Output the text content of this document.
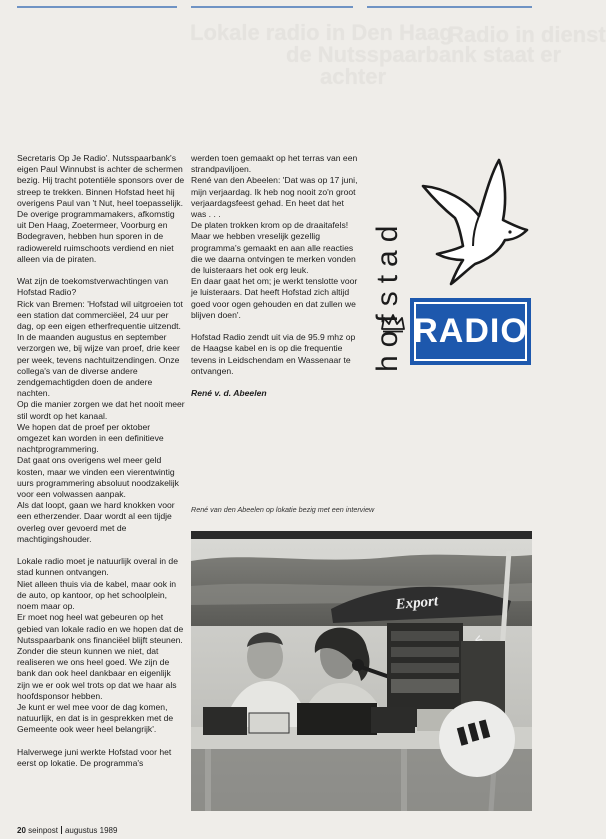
Lokale radio in Den Haag
de Nutsspaarbank staat er
achter
Radio in dienst

Secretaris Op Je Radio'. Nutsspaarbank's eigen Paul Winnubst is achter de schermen bezig. Hij tracht potentiële sponsors over de streep te trekken. Binnen Hofstad heet hij overigens Paul van 't Nut, heel toepasselijk.

De overige programmamakers, afkomstig uit Den Haag, Zoetermeer, Voorburg en Bodegraven, hebben hun sporen in de radiowereld ruimschoots verdiend en niet alleen via de piraten.

Wat zijn de toekomstverwachtingen van Hofstad Radio?

Rick van Bremen: 'Hofstad wil uitgroeien tot een station dat commerciëel, 24 uur per dag, op een eigen etherfrequentie uitzendt.

In de maanden augustus en september verzorgen we, bij wijze van proef, drie keer per week, tevens nachtuitzendingen. Onze collega's van de diverse andere zendgemachtigden doen de andere nachten.

Op die manier zorgen we dat het nooit meer stil wordt op het kanaal.

We hopen dat de proef per oktober omgezet kan worden in een definitieve nachtprogrammering.

Dat gaat ons overigens wel meer geld kosten, maar we vinden een vierentwintig uurs programmering absoluut noodzakelijk voor een volwassen aanpak.

Als dat loopt, gaan we hard knokken voor een etherzender. Daar wordt al een tijdje overleg over gevoerd met de machtigingshouder.

Lokale radio moet je natuurlijk overal in de stad kunnen ontvangen.

Niet alleen thuis via de kabel, maar ook in de auto, op kantoor, op het schoolplein, noem maar op.

Er moet nog heel wat gebeuren op het gebied van lokale radio en we hopen dat de Nutsspaarbank ons financiëel blijft steunen. Zonder die steun kunnen we niet, dat realiseren we ons heel goed. We zijn de bank dan ook heel dankbaar en eigenlijk zijn we er ook wel trots op dat we haar als hoofdsponsor hebben.

Je kunt er wel mee voor de dag komen, natuurlijk, en dat is in gesprekken met de Gemeente ook weer heel belangrijk'.

Halverwege juni werkte Hofstad voor het eerst op lokatie. De programma's

werden toen gemaakt op het terras van een strandpaviljoen.

René van den Abeelen: 'Dat was op 17 juni, mijn verjaardag. Ik heb nog nooit zo'n groot verjaardagsfeest gehad. En heet dat het was . . .

De platen trokken krom op de draaitafels!

Maar we hebben vreselijk gezellig programma's gemaakt en aan alle reacties die we daarna ontvingen te merken vonden de luisteraars het ook erg leuk.

En daar gaat het om; je werkt tenslotte voor je luisteraars. Dat heeft Hofstad zich altijd goed voor ogen gehouden en dat zullen we blijven doen'.

Hofstad Radio zendt uit via de 95.9 mhz op de Haagse kabel en is op die frequentie tevens in Leidschendam en Wassenaar te ontvangen.

René v. d. Abeelen

hofstad RADIO
René van den Abeelen op lokatie bezig met een interview
Export
20 seinpost augustus 1989
